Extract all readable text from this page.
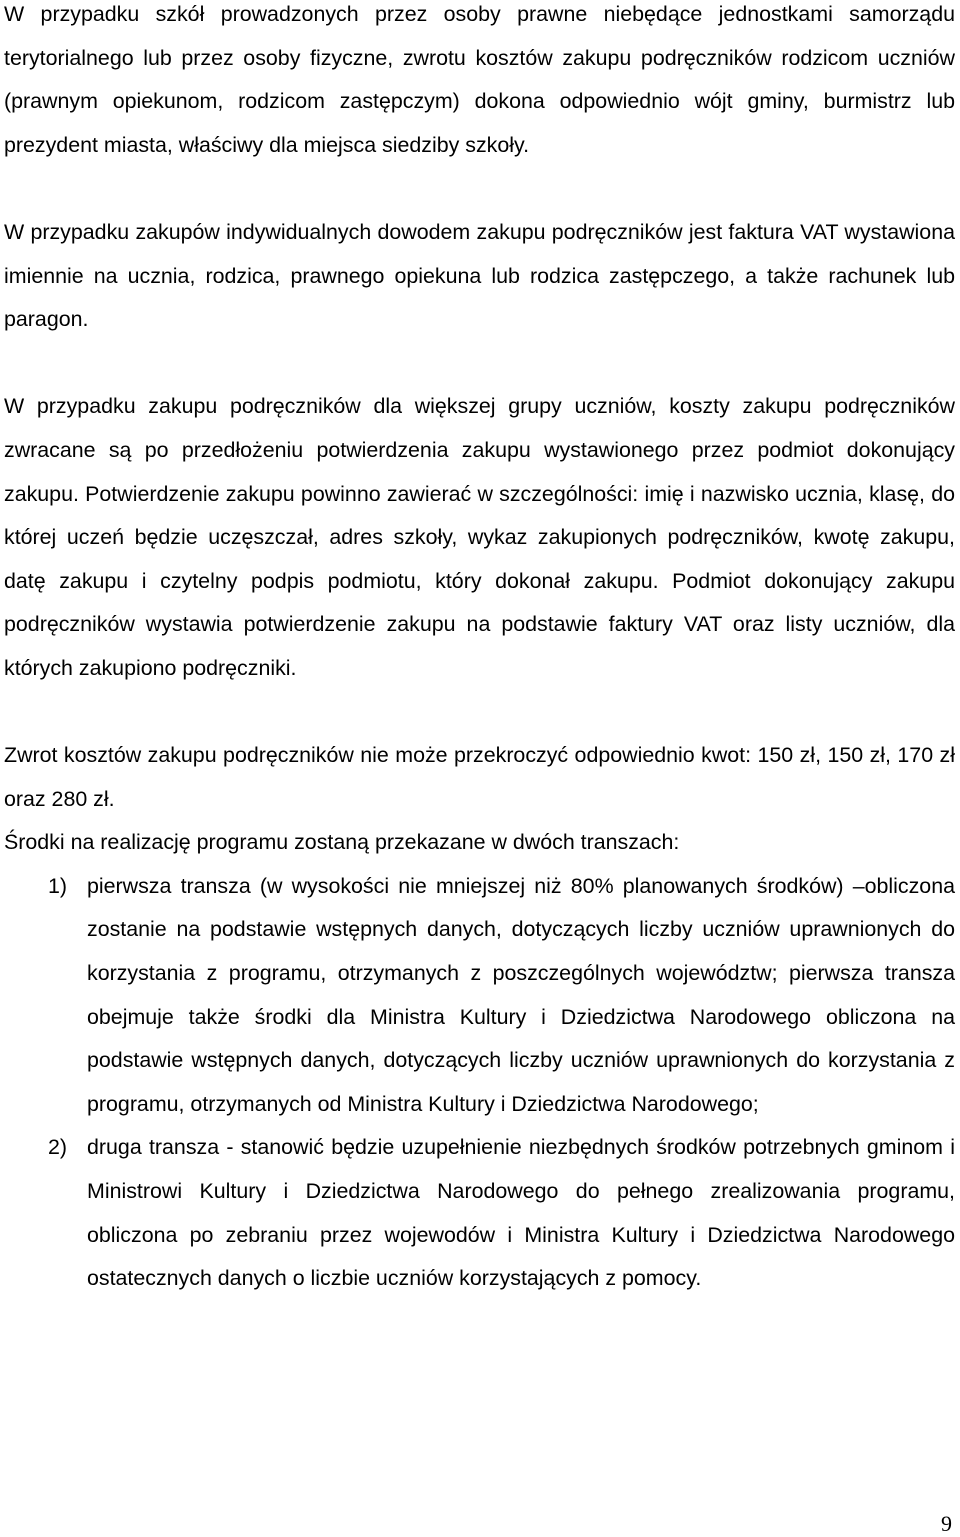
W przypadku szkół prowadzonych przez osoby prawne niebędące jednostkami samorządu terytorialnego lub przez osoby fizyczne, zwrotu kosztów zakupu podręczników rodzicom uczniów (prawnym opiekunom, rodzicom zastępczym) dokona odpowiednio wójt gminy, burmistrz lub prezydent miasta, właściwy dla miejsca siedziby szkoły.

W przypadku zakupów indywidualnych dowodem zakupu podręczników jest faktura VAT wystawiona imiennie na ucznia, rodzica, prawnego opiekuna lub rodzica zastępczego, a także rachunek lub paragon.

W przypadku zakupu podręczników dla większej grupy uczniów, koszty zakupu podręczników zwracane są po przedłożeniu potwierdzenia zakupu wystawionego przez podmiot dokonujący zakupu. Potwierdzenie zakupu powinno zawierać w szczególności: imię i nazwisko ucznia, klasę, do której uczeń będzie uczęszczał, adres szkoły, wykaz zakupionych podręczników, kwotę zakupu, datę zakupu i czytelny podpis podmiotu, który dokonał zakupu. Podmiot dokonujący zakupu podręczników wystawia potwierdzenie zakupu na podstawie faktury VAT oraz listy uczniów, dla których zakupiono podręczniki.

Zwrot kosztów zakupu podręczników nie może przekroczyć odpowiednio kwot: 150 zł, 150 zł, 170 zł oraz 280 zł.

Środki na realizację programu zostaną przekazane w dwóch transzach:

1) pierwsza transza (w wysokości nie mniejszej niż 80% planowanych środków) –obliczona zostanie na podstawie wstępnych danych, dotyczących liczby uczniów uprawnionych do korzystania z programu, otrzymanych z poszczególnych województw; pierwsza transza obejmuje także środki dla Ministra Kultury i Dziedzictwa Narodowego obliczona na podstawie wstępnych danych, dotyczących liczby uczniów uprawnionych do korzystania z programu, otrzymanych od Ministra Kultury i Dziedzictwa Narodowego;
2) druga transza - stanowić będzie uzupełnienie niezbędnych środków potrzebnych gminom i Ministrowi Kultury i Dziedzictwa Narodowego do pełnego zrealizowania programu, obliczona po zebraniu przez wojewodów i Ministra Kultury i Dziedzictwa Narodowego ostatecznych danych o liczbie uczniów korzystających z pomocy.
9
